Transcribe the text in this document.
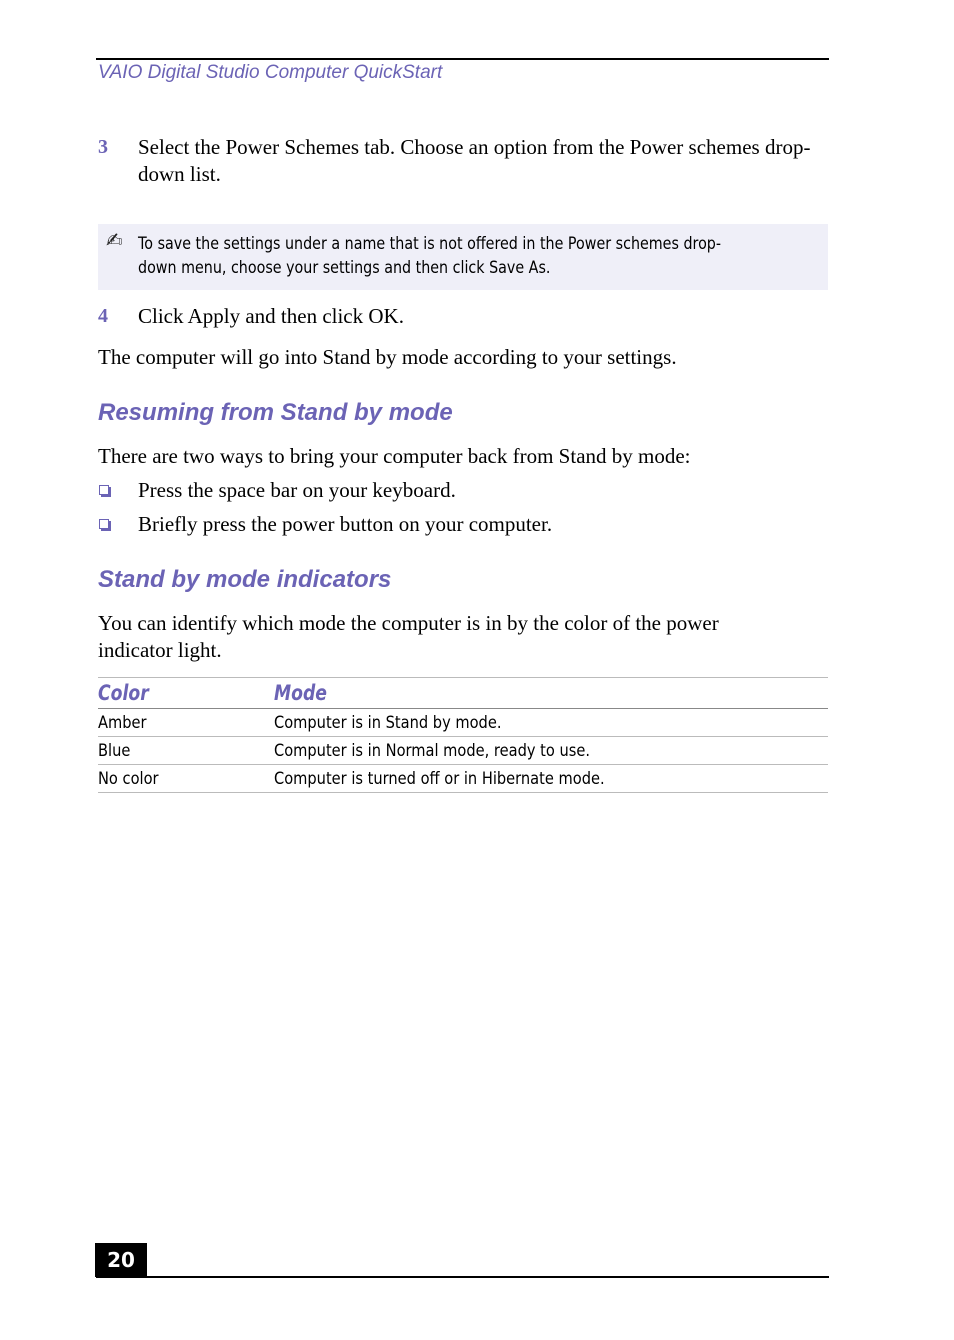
VAIO Digital Studio Computer QuickStart
3 Select the Power Schemes tab. Choose an option from the Power schemes drop-down list.
✍ To save the settings under a name that is not offered in the Power schemes drop-
down menu, choose your settings and then click Save As.
4 Click Apply and then click OK.
The computer will go into Stand by mode according to your settings.
Resuming from Stand by mode
There are two ways to bring your computer back from Stand by mode:
Press the space bar on your keyboard.
Briefly press the power button on your computer.
Stand by mode indicators
You can identify which mode the computer is in by the color of the power indicator light.
Color	Mode
Amber	Computer is in Stand by mode.
Blue	Computer is in Normal mode, ready to use.
No color	Computer is turned off or in Hibernate mode.
20
